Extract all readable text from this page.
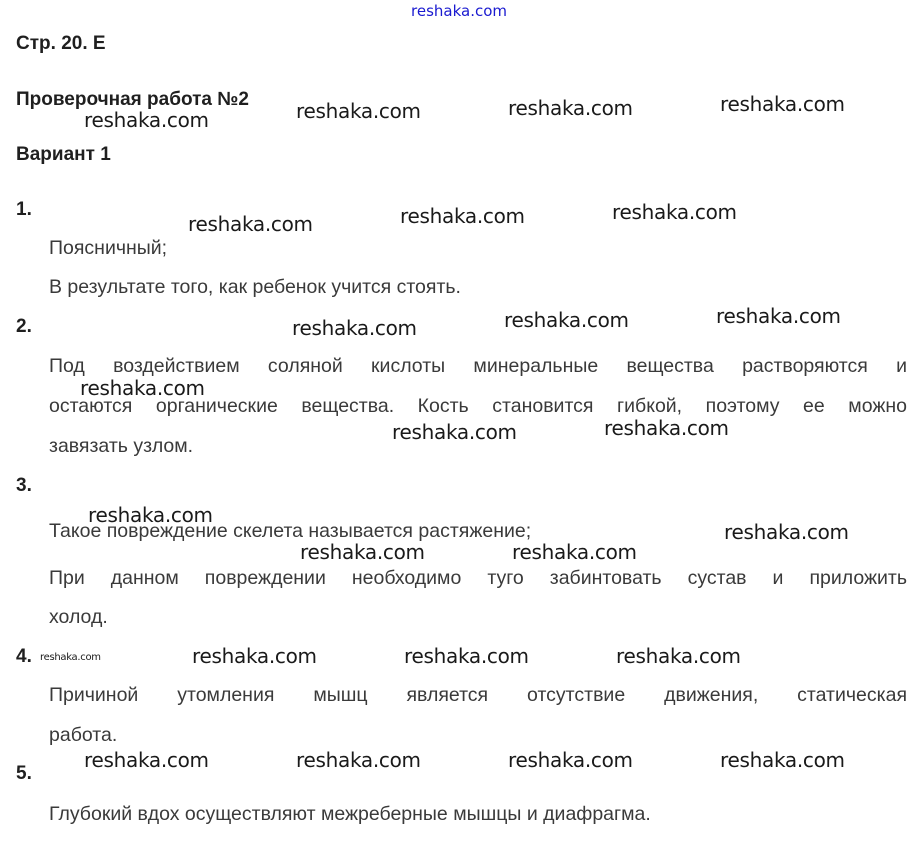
reshaka.com
Стр. 20. Е
Проверочная работа №2
Вариант 1
1.
Поясничный;
В результате того, как ребенок учится стоять.
2.
Под воздействием соляной кислоты минеральные вещества растворяются и
остаются органические вещества. Кость становится гибкой, поэтому ее можно
завязать узлом.
3.
Такое повреждение скелета называется растяжение;
При данном повреждении необходимо туго забинтовать сустав и приложить
холод.
4.
Причиной утомления мышц является отсутствие движения, статическая
работа.
5.
Глубокий вдох осуществляют межреберные мышцы и диафрагма.
reshaka.com	reshaka.com	reshaka.com	reshaka.com
reshaka.com	reshaka.com	reshaka.com
reshaka.com	reshaka.com	reshaka.com
reshaka.com
reshaka.com	reshaka.com
reshaka.com
reshaka.com
reshaka.com	reshaka.com
reshaka.com	reshaka.com	reshaka.com	reshaka.com
reshaka.com	reshaka.com	reshaka.com	reshaka.com
